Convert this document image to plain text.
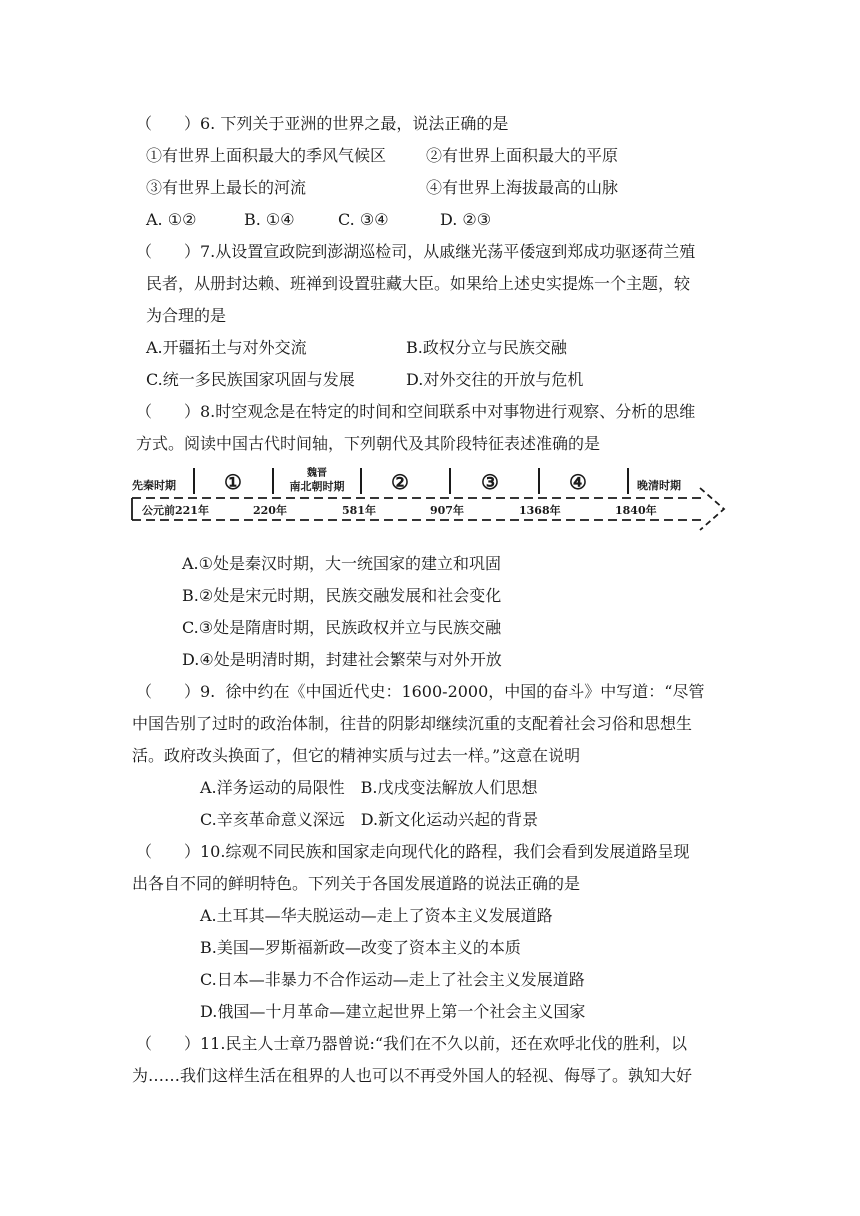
（　　）6. 下列关于亚洲的世界之最，说法正确的是
①有世界上面积最大的季风气候区 ②有世界上面积最大的平原
③有世界上最长的河流	④有世界上海拔最高的山脉
A. ①②	B. ①④	C. ③④	D. ②③
（　　）7.从设置宣政院到澎湖巡检司，从戚继光荡平倭寇到郑成功驱逐荷兰殖
民者，从册封达赖、班禅到设置驻藏大臣。如果给上述史实提炼一个主题，较
为合理的是
A.开疆拓土与对外交流	B.政权分立与民族交融
C.统一多民族国家巩固与发展	D.对外交往的开放与危机
（　　）8.时空观念是在特定的时间和空间联系中对事物进行观察、分析的思维
方式。阅读中国古代时间轴，下列朝代及其阶段特征表述准确的是
先秦时期 ①	魏晋
南北朝时期 ②	③	④	晚清时期
公元前221年	220年	581年	907年	1368年	1840年
A.①处是秦汉时期，大一统国家的建立和巩固
B.②处是宋元时期，民族交融发展和社会变化
C.③处是隋唐时期，民族政权并立与民族交融
D.④处是明清时期，封建社会繁荣与对外开放
（　　）9.  徐中约在《中国近代史：1600-2000，中国的奋斗》中写道：“尽管
中国告别了过时的政治体制，往昔的阴影却继续沉重的支配着社会习俗和思想生
活。政府改头换面了，但它的精神实质与过去一样。”这意在说明
A.洋务运动的局限性　B.戊戌变法解放人们思想
C.辛亥革命意义深远　D.新文化运动兴起的背景
（　　）10.综观不同民族和国家走向现代化的路程，我们会看到发展道路呈现
出各自不同的鲜明特色。下列关于各国发展道路的说法正确的是
A.土耳其—华夫脱运动—走上了资本主义发展道路
B.美国—罗斯福新政—改变了资本主义的本质
C.日本—非暴力不合作运动—走上了社会主义发展道路
D.俄国—十月革命—建立起世界上第一个社会主义国家
（　　）11.民主人士章乃器曾说:“我们在不久以前，还在欢呼北伐的胜利，以
为……我们这样生活在租界的人也可以不再受外国人的轻视、侮辱了。孰知大好
